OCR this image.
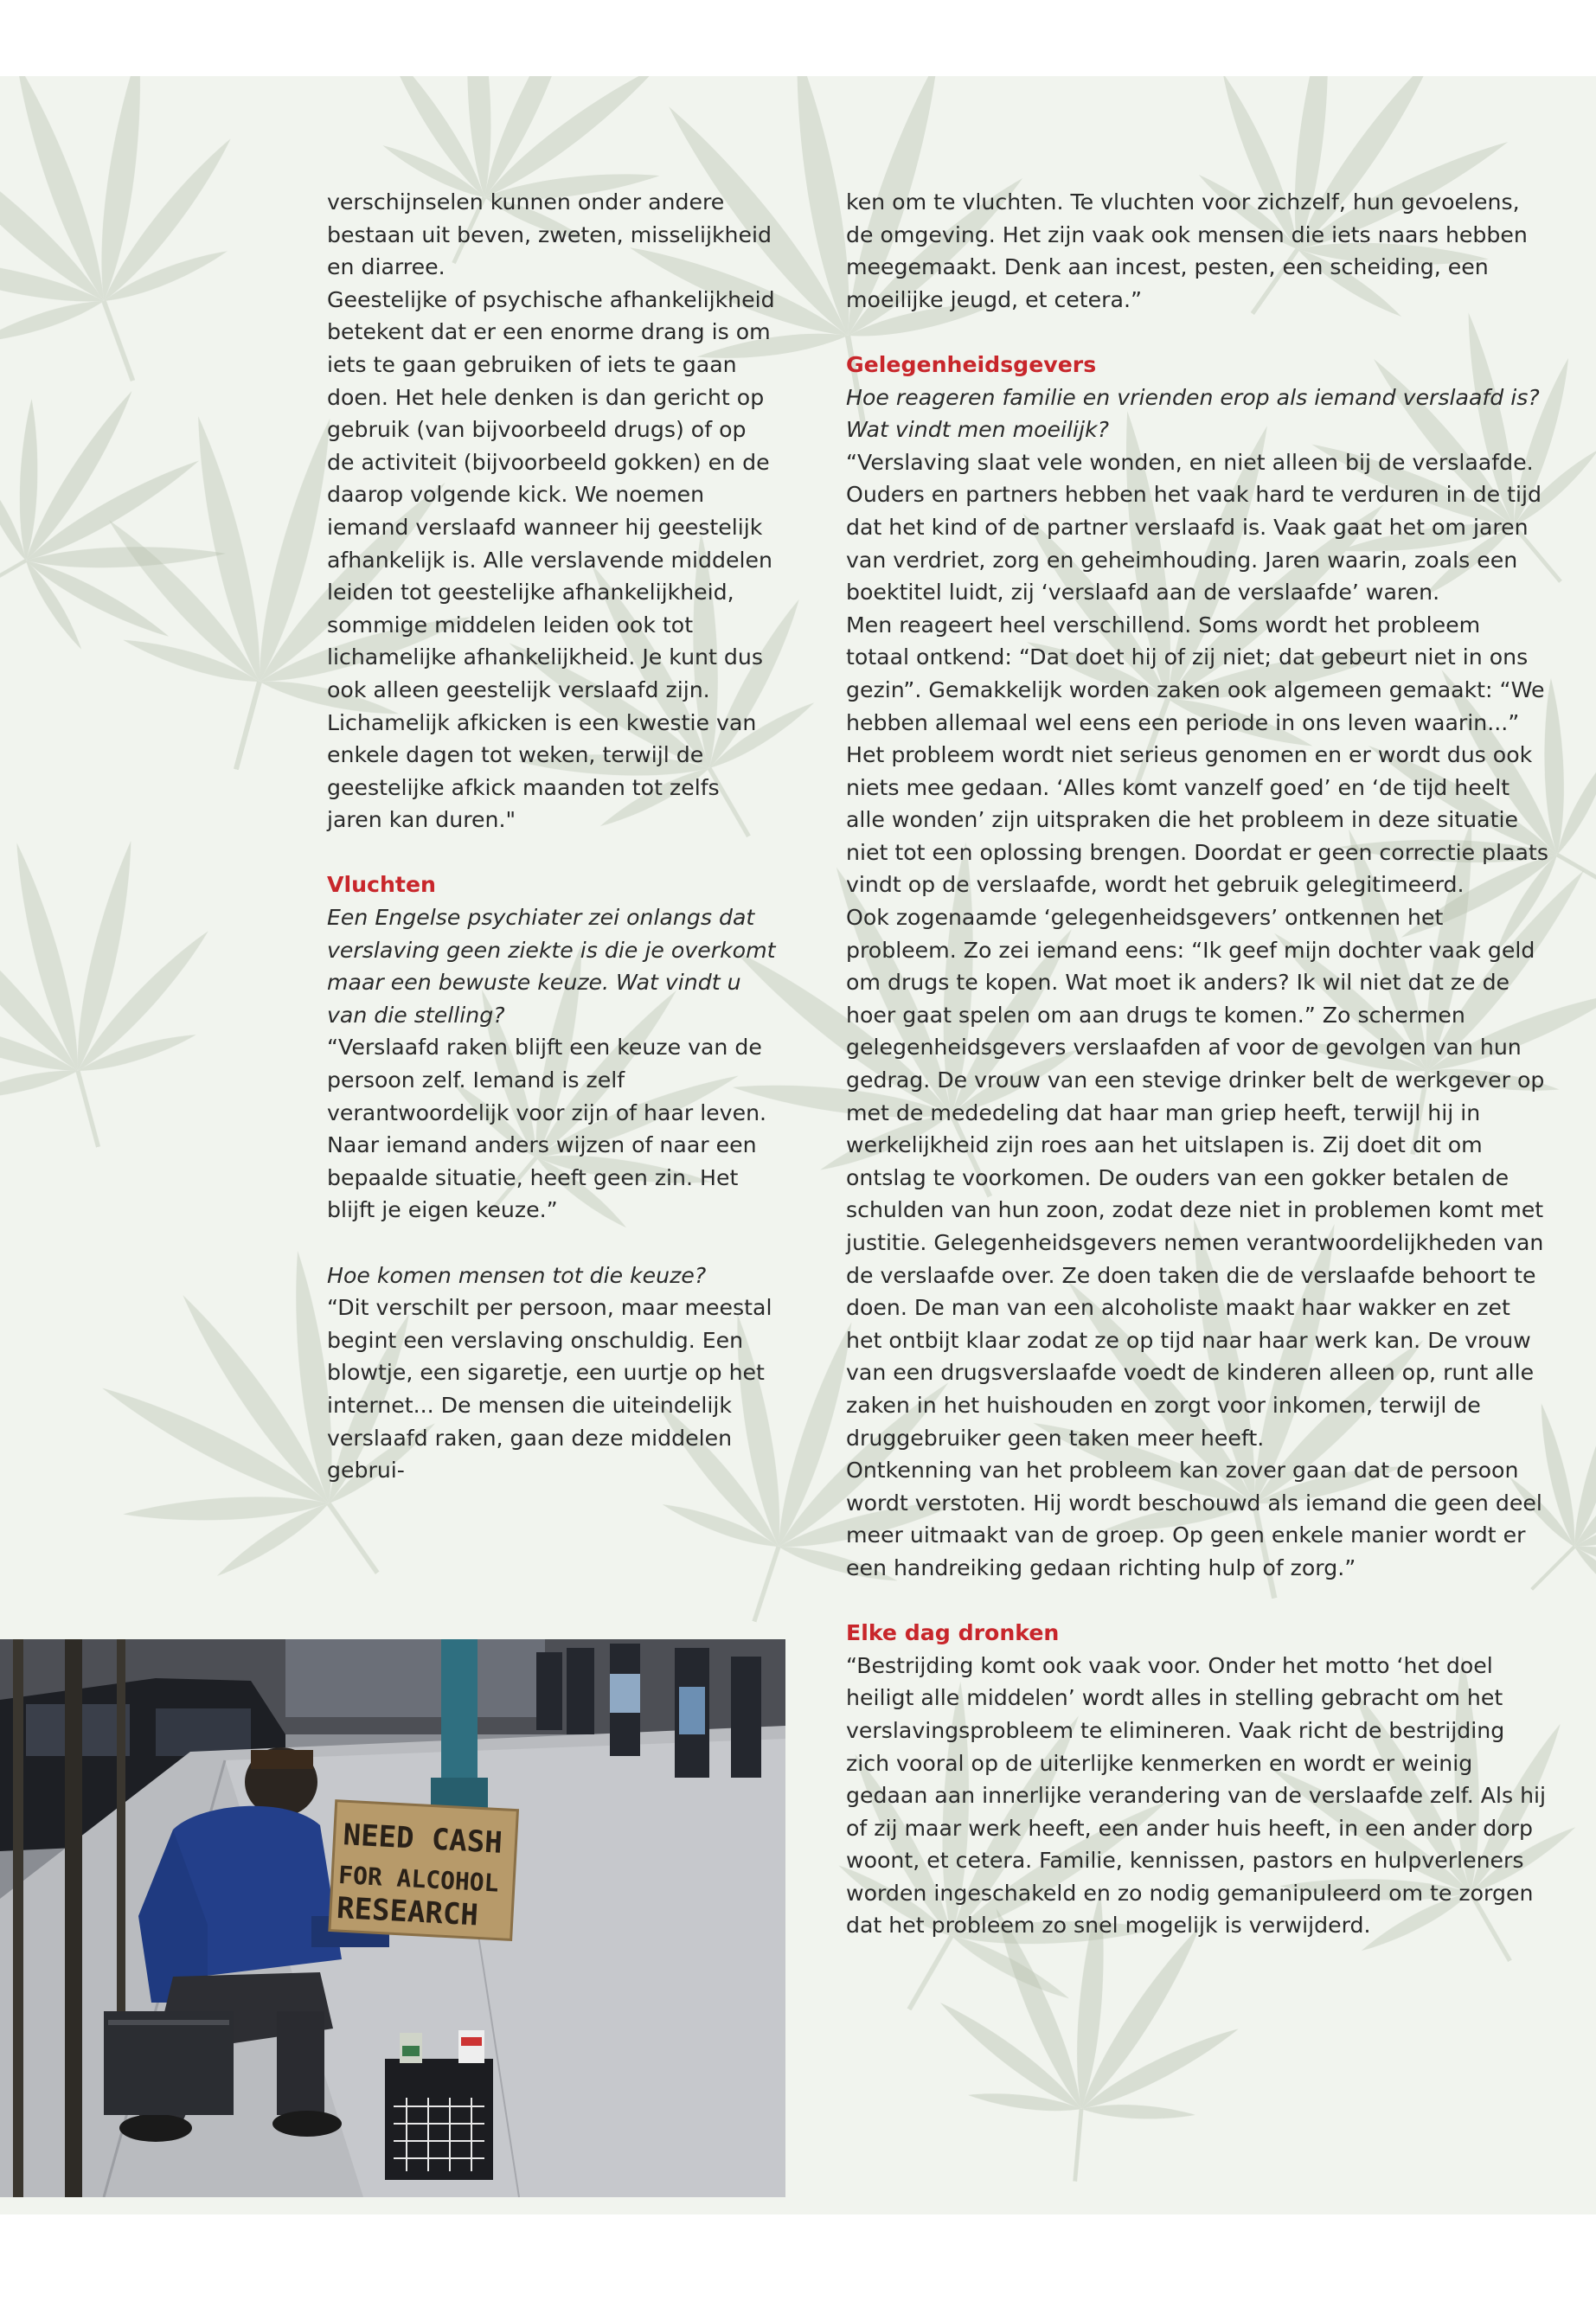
verschijnselen kunnen onder andere bestaan uit beven, zweten, misselijkheid en diarree.

Geestelijke of psychische afhankelijkheid betekent dat er een enorme drang is om iets te gaan gebruiken of iets te gaan doen. Het hele denken is dan gericht op gebruik (van bijvoorbeeld drugs) of op de activiteit (bijvoorbeeld gokken) en de daarop volgende kick. We noemen iemand verslaafd wanneer hij geestelijk afhankelijk is. Alle verslavende middelen leiden tot geestelijke afhankelijkheid, sommige middelen leiden ook tot lichamelijke afhankelijkheid. Je kunt dus ook alleen geestelijk verslaafd zijn. Lichamelijk afkicken is een kwestie van enkele dagen tot weken, terwijl de geestelijke afkick maanden tot zelfs jaren kan duren."

Vluchten

Een Engelse psychiater zei onlangs dat verslaving geen ziekte is die je overkomt maar een bewuste keuze. Wat vindt u van die stelling?

“Verslaafd raken blijft een keuze van de persoon zelf. Iemand is zelf verantwoordelijk voor zijn of haar leven. Naar iemand anders wijzen of naar een bepaalde situatie, heeft geen zin. Het blijft je eigen keuze.”

Hoe komen mensen tot die keuze?

“Dit verschilt per persoon, maar meestal begint een verslaving onschuldig. Een blowtje, een sigaretje, een uurtje op het internet... De mensen die uiteindelijk verslaafd raken, gaan deze middelen gebrui-

ken om te vluchten. Te vluchten voor zichzelf, hun gevoelens, de omgeving. Het zijn vaak ook mensen die iets naars hebben meegemaakt. Denk aan incest, pesten, een scheiding, een moeilijke jeugd, et cetera.”

Gelegenheidsgevers

Hoe reageren familie en vrienden erop als iemand verslaafd is? Wat vindt men moeilijk?

“Verslaving slaat vele wonden, en niet alleen bij de verslaafde. Ouders en partners hebben het vaak hard te verduren in de tijd dat het kind of de partner verslaafd is. Vaak gaat het om jaren van verdriet, zorg en geheimhouding. Jaren waarin, zoals een boektitel luidt, zij ‘verslaafd aan de verslaafde’ waren.

Men reageert heel verschillend. Soms wordt het probleem totaal ontkend: “Dat doet hij of zij niet; dat gebeurt niet in ons gezin”. Gemakkelijk worden zaken ook algemeen gemaakt: “We hebben allemaal wel eens een periode in ons leven waarin...” Het probleem wordt niet serieus genomen en er wordt dus ook niets mee gedaan. ‘Alles komt vanzelf goed’ en ‘de tijd heelt alle wonden’ zijn uitspraken die het probleem in deze situatie niet tot een oplossing brengen. Doordat er geen correctie plaats vindt op de verslaafde, wordt het gebruik gelegitimeerd.

Ook zogenaamde ‘gelegenheidsgevers’ ontkennen het probleem. Zo zei iemand eens: “Ik geef mijn dochter vaak geld om drugs te kopen. Wat moet ik anders? Ik wil niet dat ze de hoer gaat spelen om aan drugs te komen.” Zo schermen gelegenheidsgevers verslaafden af voor de gevolgen van hun gedrag. De vrouw van een stevige drinker belt de werkgever op met de mededeling dat haar man griep heeft, terwijl hij in werkelijkheid zijn roes aan het uitslapen is. Zij doet dit om ontslag te voorkomen. De ouders van een gokker betalen de schulden van hun zoon, zodat deze niet in problemen komt met justitie. Gelegenheidsgevers nemen verantwoordelijkheden van de verslaafde over. Ze doen taken die de verslaafde behoort te doen. De man van een alcoholiste maakt haar wakker en zet het ontbijt klaar zodat ze op tijd naar haar werk kan. De vrouw van een drugsverslaafde voedt de kinderen alleen op, runt alle zaken in het huishouden en zorgt voor inkomen, terwijl de druggebruiker geen taken meer heeft.

Ontkenning van het probleem kan zover gaan dat de persoon wordt verstoten. Hij wordt beschouwd als iemand die geen deel meer uitmaakt van de groep. Op geen enkele manier wordt er een handreiking gedaan richting hulp of zorg.”

Elke dag dronken

“Bestrijding komt ook vaak voor. Onder het motto ‘het doel heiligt alle middelen’ wordt alles in stelling gebracht om het verslavingsprobleem te elimineren. Vaak richt de bestrijding zich vooral op de uiterlijke kenmerken en wordt er weinig gedaan aan innerlijke verandering van de verslaafde zelf. Als hij of zij maar werk heeft, een ander huis heeft, in een ander dorp woont, et cetera. Familie, kennissen, pastors en hulpverleners worden ingeschakeld en zo nodig gemanipuleerd om te zorgen dat het probleem zo snel mogelijk is verwijderd.

NEED CASH
FOR ALCOHOL
RESEARCH
